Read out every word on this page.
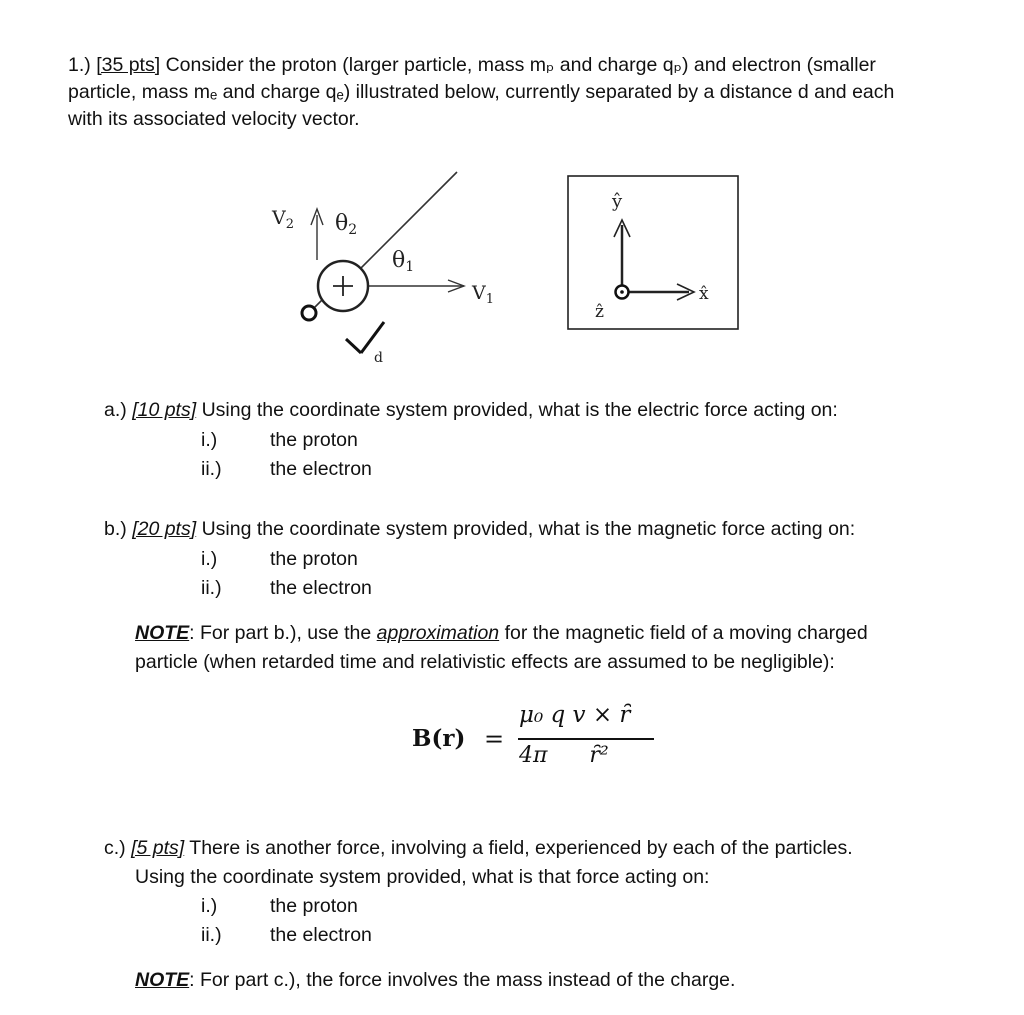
1.) [35 pts] Consider the proton (larger particle, mass mₚ and charge qₚ) and electron (smaller
particle, mass mₑ and charge qₑ) illustrated below, currently separated by a distance d and each
with its associated velocity vector.
$V_2$ θ2
θ1
$V_1$
d
ŷ
x̂
ẑ
a.) [10 pts] Using the coordinate system provided, what is the electric force acting on:
i.)	the proton
ii.) the electron
b.) [20 pts] Using the coordinate system provided, what is the magnetic force acting on:
i.)	the proton
ii.) the electron
NOTE: For part b.), use the approximation for the magnetic field of a moving charged
particle (when retarded time and relativistic effects are assumed to be negligible):
B(r) =
μ₀ q v × ȓ
4π      ȓ²
c.) [5 pts] There is another force, involving a field, experienced by each of the particles.
Using the coordinate system provided, what is that force acting on:
i.)	the proton
ii.) the electron
NOTE: For part c.), the force involves the mass instead of the charge.
